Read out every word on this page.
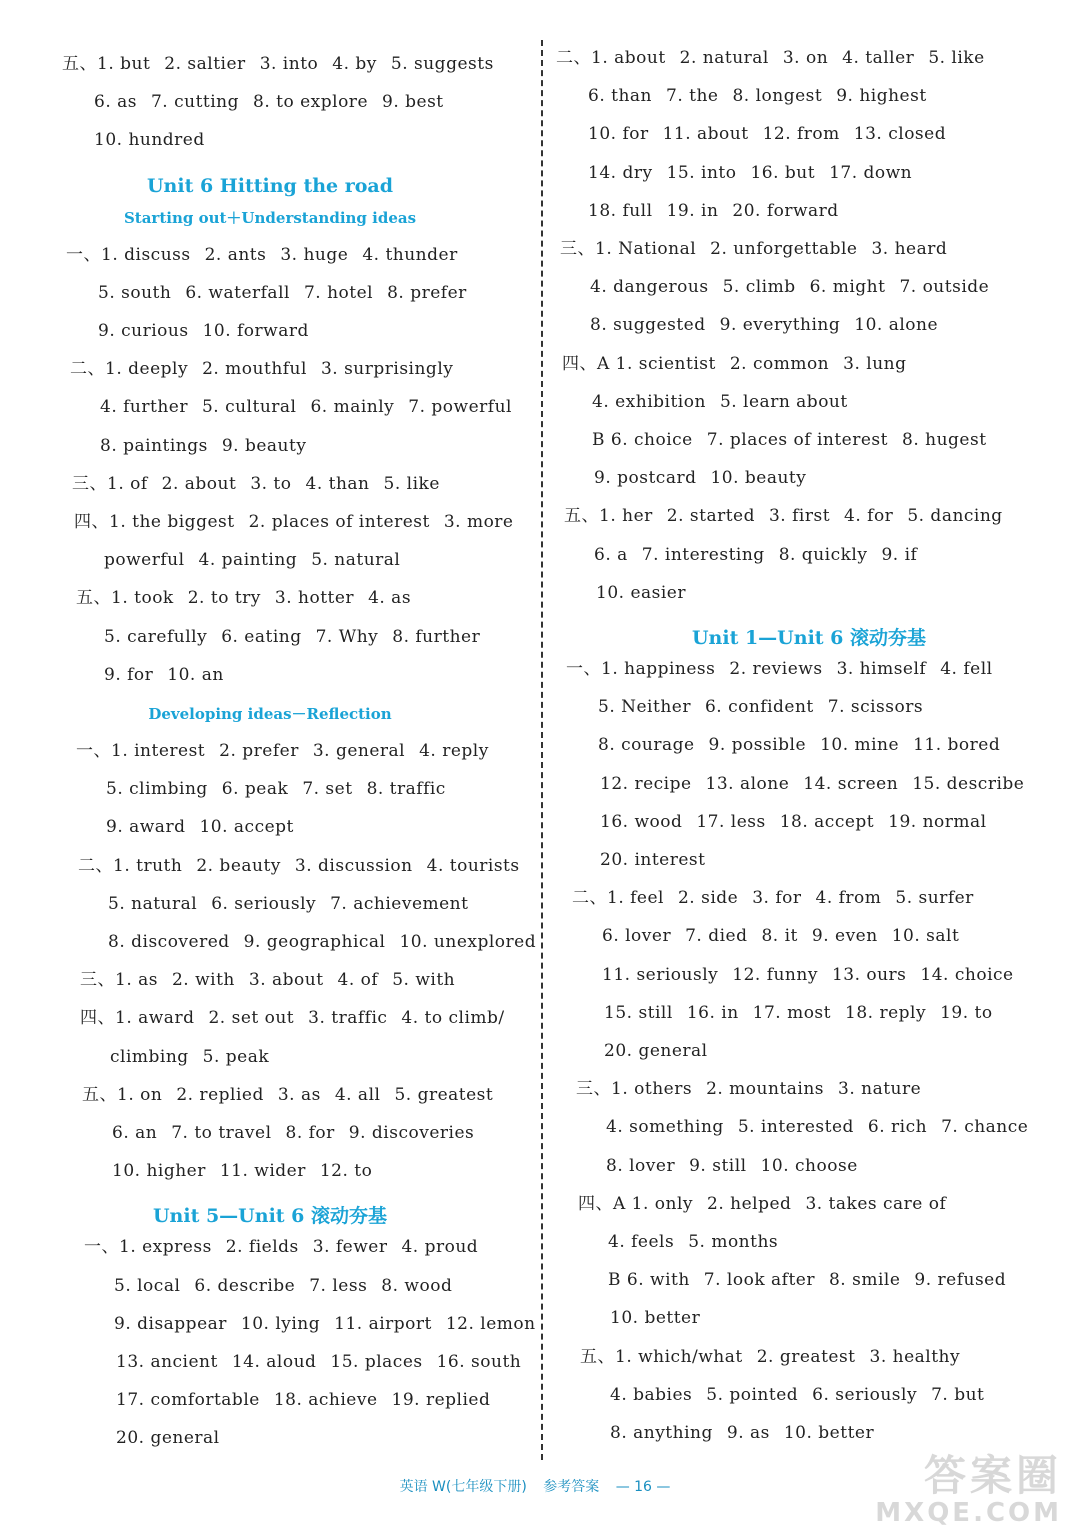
五、1. but 2. saltier 3. into 4. by 5. suggests
6. as 7. cutting 8. to explore 9. best
10. hundred
Unit 6 Hitting the road
Starting out＋Understanding ideas
一、1. discuss 2. ants 3. huge 4. thunder
5. south 6. waterfall 7. hotel 8. prefer
9. curious 10. forward
二、1. deeply 2. mouthful 3. surprisingly
4. further 5. cultural 6. mainly 7. powerful
8. paintings 9. beauty
三、1. of 2. about 3. to 4. than 5. like
四、1. the biggest 2. places of interest 3. more
powerful 4. painting 5. natural
五、1. took 2. to try 3. hotter 4. as
5. carefully 6. eating 7. Why 8. further
9. for 10. an
Developing ideas－Reflection
一、1. interest 2. prefer 3. general 4. reply
5. climbing 6. peak 7. set 8. traffic
9. award 10. accept
二、1. truth 2. beauty 3. discussion 4. tourists
5. natural 6. seriously 7. achievement
8. discovered 9. geographical 10. unexplored
三、1. as 2. with 3. about 4. of 5. with
四、1. award 2. set out 3. traffic 4. to climb/
climbing 5. peak
五、1. on 2. replied 3. as 4. all 5. greatest
6. an 7. to travel 8. for 9. discoveries
10. higher 11. wider 12. to
Unit 5—Unit 6 滚动夯基
一、1. express 2. fields 3. fewer 4. proud
5. local 6. describe 7. less 8. wood
9. disappear 10. lying 11. airport 12. lemon
13. ancient 14. aloud 15. places 16. south
17. comfortable 18. achieve 19. replied
20. general
二、1. about 2. natural 3. on 4. taller 5. like
6. than 7. the 8. longest 9. highest
10. for 11. about 12. from 13. closed
14. dry 15. into 16. but 17. down
18. full 19. in 20. forward
三、1. National 2. unforgettable 3. heard
4. dangerous 5. climb 6. might 7. outside
8. suggested 9. everything 10. alone
四、A 1. scientist 2. common 3. lung
4. exhibition 5. learn about
B 6. choice 7. places of interest 8. hugest
9. postcard 10. beauty
五、1. her 2. started 3. first 4. for 5. dancing
6. a 7. interesting 8. quickly 9. if
10. easier
Unit 1—Unit 6 滚动夯基
一、1. happiness 2. reviews 3. himself 4. fell
5. Neither 6. confident 7. scissors
8. courage 9. possible 10. mine 11. bored
12. recipe 13. alone 14. screen 15. describe
16. wood 17. less 18. accept 19. normal
20. interest
二、1. feel 2. side 3. for 4. from 5. surfer
6. lover 7. died 8. it 9. even 10. salt
11. seriously 12. funny 13. ours 14. choice
15. still 16. in 17. most 18. reply 19. to
20. general
三、1. others 2. mountains 3. nature
4. something 5. interested 6. rich 7. chance
8. lover 9. still 10. choose
四、A 1. only 2. helped 3. takes care of
4. feels 5. months
B 6. with 7. look after 8. smile 9. refused
10. better
五、1. which/what 2. greatest 3. healthy
4. babies 5. pointed 6. seriously 7. but
8. anything 9. as 10. better
英语 W(七年级下册) 参考答案 — 16 —	答案圈
MXQE.COM
